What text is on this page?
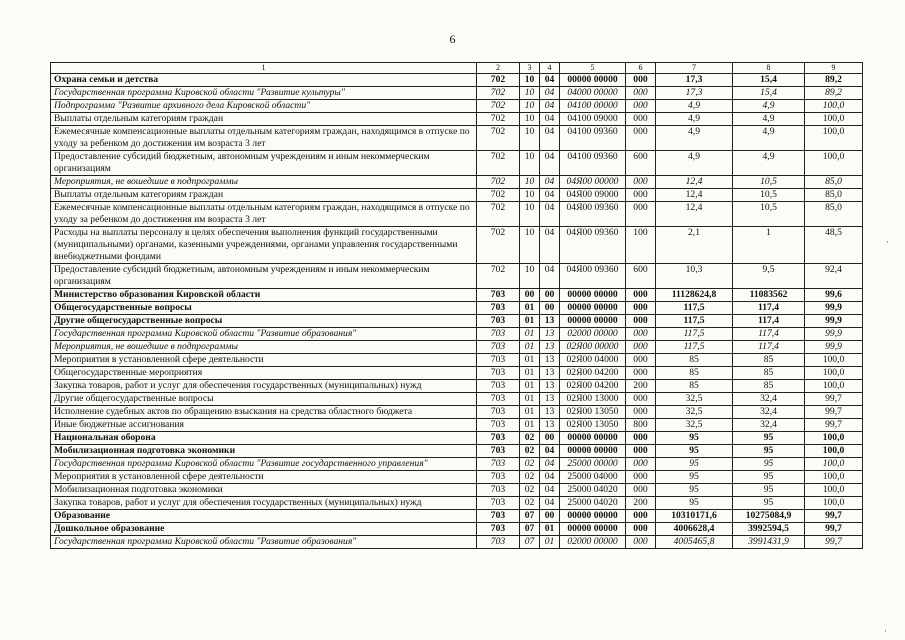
6
1	2	3	4	5	6	7	8	9
Охрана семьи и детства	702	10	04	00000 00000	000	17,3	15,4	89,2
Государственная программа Кировской области "Развитие культуры"	702	10	04	04000 00000	000	17,3	15,4	89,2
Подпрограмма "Развитие архивного дела Кировской области"	702	10	04	04100 00000	000	4,9	4,9	100,0
Выплаты отдельным категориям граждан	702	10	04	04100 09000	000	4,9	4,9	100,0
Ежемесячные компенсационные выплаты отдельным категориям граждан, находящимся в отпуске по уходу за ребенком до достижения им возраста 3 лет	702	10	04	04100 09360	000	4,9	4,9	100,0
Предоставление субсидий бюджетным, автономным учреждениям и иным некоммерческим организациям	702	10	04	04100 09360	600	4,9	4,9	100,0
Мероприятия, не вошедшие в подпрограммы	702	10	04	04Я00 00000	000	12,4	10,5	85,0
Выплаты отдельным категориям граждан	702	10	04	04Я00 09000	000	12,4	10,5	85,0
Ежемесячные компенсационные выплаты отдельным категориям граждан, находящимся в отпуске по уходу за ребенком до достижения им возраста 3 лет	702	10	04	04Я00 09360	000	12,4	10,5	85,0
Расходы на выплаты персоналу в целях обеспечения выполнения функций государственными (муниципальными) органами, казенными учреждениями, органами управления государственными внебюджетными фондами	702	10	04	04Я00 09360	100	2,1	1	48,5
Предоставление субсидий бюджетным, автономным учреждениям и иным некоммерческим организациям	702	10	04	04Я00 09360	600	10,3	9,5	92,4
Министерство образования Кировской области	703	00	00	00000 00000	000	11128624,8	11083562	99,6
Общегосударственные вопросы	703	01	00	00000 00000	000	117,5	117,4	99,9
Другие общегосударственные вопросы	703	01	13	00000 00000	000	117,5	117,4	99,9
Государственная программа Кировской области "Развитие образования"	703	01	13	02000 00000	000	117,5	117,4	99,9
Мероприятия, не вошедшие в подпрограммы	703	01	13	02Я00 00000	000	117,5	117,4	99,9
Мероприятия в установленной сфере деятельности	703	01	13	02Я00 04000	000	85	85	100,0
Общегосударственные мероприятия	703	01	13	02Я00 04200	000	85	85	100,0
Закупка товаров, работ и услуг для обеспечения государственных (муниципальных) нужд	703	01	13	02Я00 04200	200	85	85	100,0
Другие общегосударственные вопросы	703	01	13	02Я00 13000	000	32,5	32,4	99,7
Исполнение судебных актов по обращению взыскания на средства областного бюджета	703	01	13	02Я00 13050	000	32,5	32,4	99,7
Иные бюджетные ассигнования	703	01	13	02Я00 13050	800	32,5	32,4	99,7
Национальная оборона	703	02	00	00000 00000	000	95	95	100,0
Мобилизационная подготовка экономики	703	02	04	00000 00000	000	95	95	100,0
Государственная программа Кировской области "Развитие государственного управления"	703	02	04	25000 00000	000	95	95	100,0
Мероприятия в установленной сфере деятельности	703	02	04	25000 04000	000	95	95	100,0
Мобилизационная подготовка экономики	703	02	04	25000 04020	000	95	95	100,0
Закупка товаров, работ и услуг для обеспечения государственных (муниципальных) нужд	703	02	04	25000 04020	200	95	95	100,0
Образование	703	07	00	00000 00000	000	10310171,6	10275084,9	99,7
Дошкольное образование	703	07	01	00000 00000	000	4006628,4	3992594,5	99,7
Государственная программа Кировской области "Развитие образования"	703	07	01	02000 00000	000	4005465,8	3991431,9	99,7
·
·
